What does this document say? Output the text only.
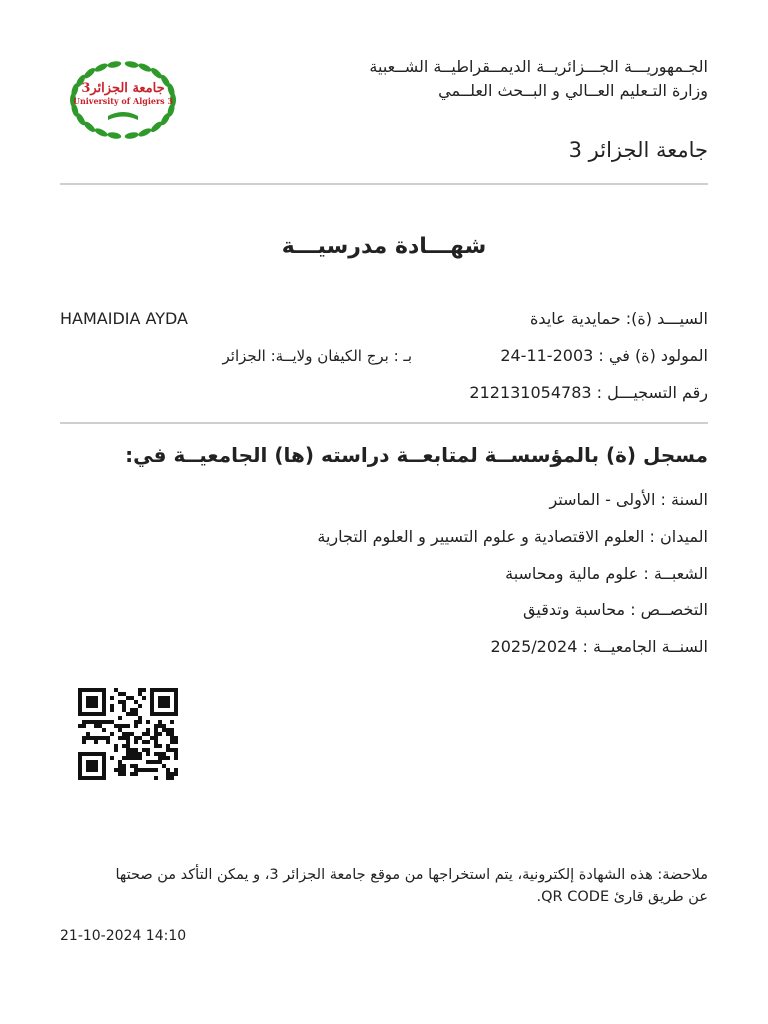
جامعة الجزائر3
University of Algiers 3
الجـمهوريـــة الجـــزائريــة الديمــقراطيــة الشــعبية
وزارة التـعليم العــالي و البــحث العلــمي
جامعة الجزائر 3
شهـــادة مدرسيـــة
السيـــد (ة): حمايدية عايدة
HAMAIDIA AYDA
المولود (ة) في : 24-11-2003
بـ : برج الكيفان ولايــة: الجزائر
رقم التسجيـــل : 212131054783
مسجل (ة) بالمؤسســة لمتابعــة دراسته (ها) الجامعيــة في:
السنة : الأولى - الماستر
الميدان : العلوم الاقتصادية و علوم التسيير و العلوم التجارية
الشعبــة : علوم مالية ومحاسبة
التخصــص : محاسبة وتدقيق
السنــة الجامعيــة : 2025/2024
ملاحضة: هذه الشهادة إلكترونية، يتم استخراجها من موقع جامعة الجزائر 3، و يمكن التأكد من صحتها
عن طريق قارئ QR CODE.
21-10-2024 14:10
